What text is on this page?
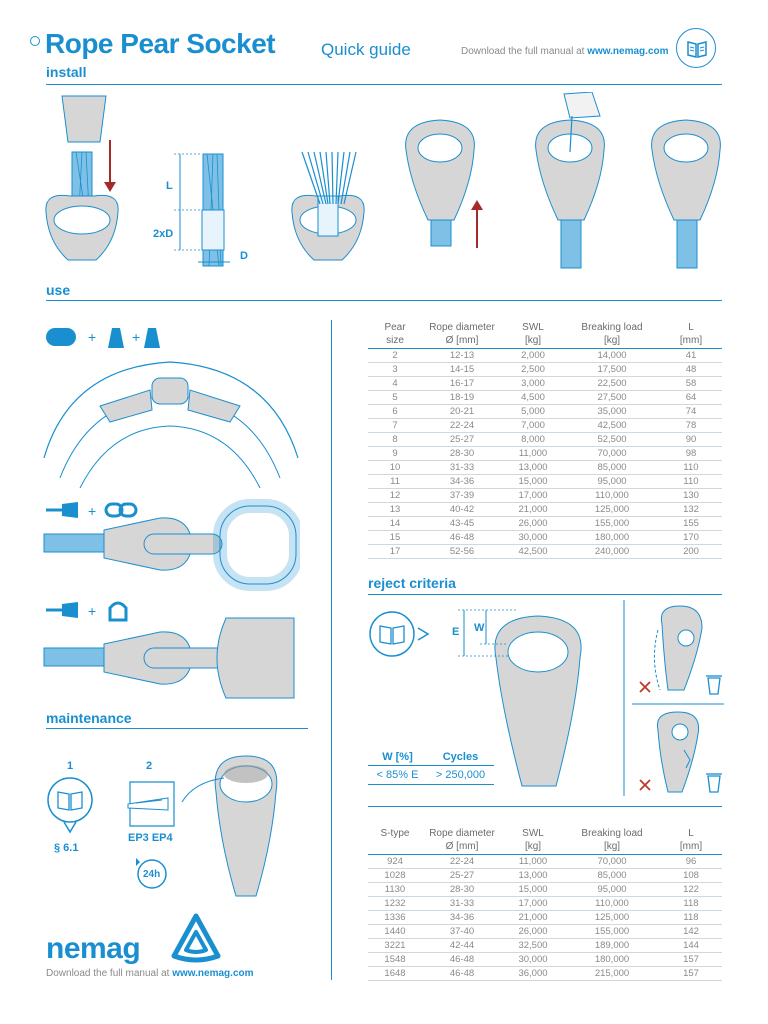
Rope Pear Socket	Quick guide	Download the full manual at www.nemag.com
install
L
2xD
D
use
+	+
+
+
Pear	Rope diameter	SWL	Breaking load	L
size	Ø [mm]	[kg]	[kg]	[mm]
2	12-13	2,000	14,000	41
3	14-15	2,500	17,500	48
4	16-17	3,000	22,500	58
5	18-19	4,500	27,500	64
6	20-21	5,000	35,000	74
7	22-24	7,000	42,500	78
8	25-27	8,000	52,500	90
9	28-30	11,000	70,000	98
10	31-33	13,000	85,000	110
11	34-36	15,000	95,000	110
12	37-39	17,000	110,000	130
13	40-42	21,000	125,000	132
14	43-45	26,000	155,000	155
15	46-48	30,000	180,000	170
17	52-56	42,500	240,000	200
reject criteria
E W
W [%]	Cycles
< 85% E	> 250,000
S-type	Rope diameter	SWL	Breaking load	L
	Ø [mm]	[kg]	[kg]	[mm]
924	22-24	11,000	70,000	96
1028	25-27	13,000	85,000	108
1130	28-30	15,000	95,000	122
1232	31-33	17,000	110,000	118
1336	34-36	21,000	125,000	118
1440	37-40	26,000	155,000	142
3221	42-44	32,500	189,000	144
1548	46-48	30,000	180,000	157
1648	46-48	36,000	215,000	157
maintenance
1	2
§ 6.1
EP3 EP4
24h
nemag
Download the full manual at www.nemag.com
